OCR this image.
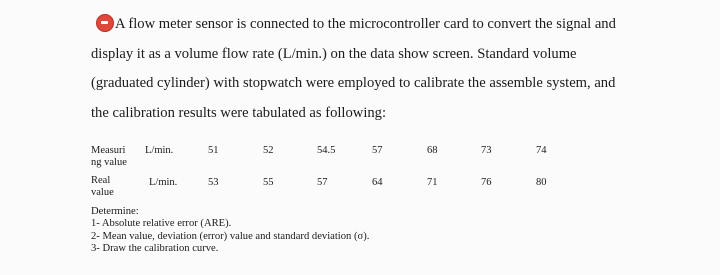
A flow meter sensor is connected to the microcontroller card to convert the signal and
display it as a volume flow rate (L/min.) on the data show screen. Standard volume
(graduated cylinder) with stopwatch were employed to calibrate the assemble system, and
the calibration results were tabulated as following:
Measuri
ng value
L/min.	51	52	54.5	57	68	73	74
Real
value
L/min.	53	55	57	64	71	76	80
Determine:
1- Absolute relative error (ARE).
2- Mean value, deviation (error) value and standard deviation (σ).
3- Draw the calibration curve.
